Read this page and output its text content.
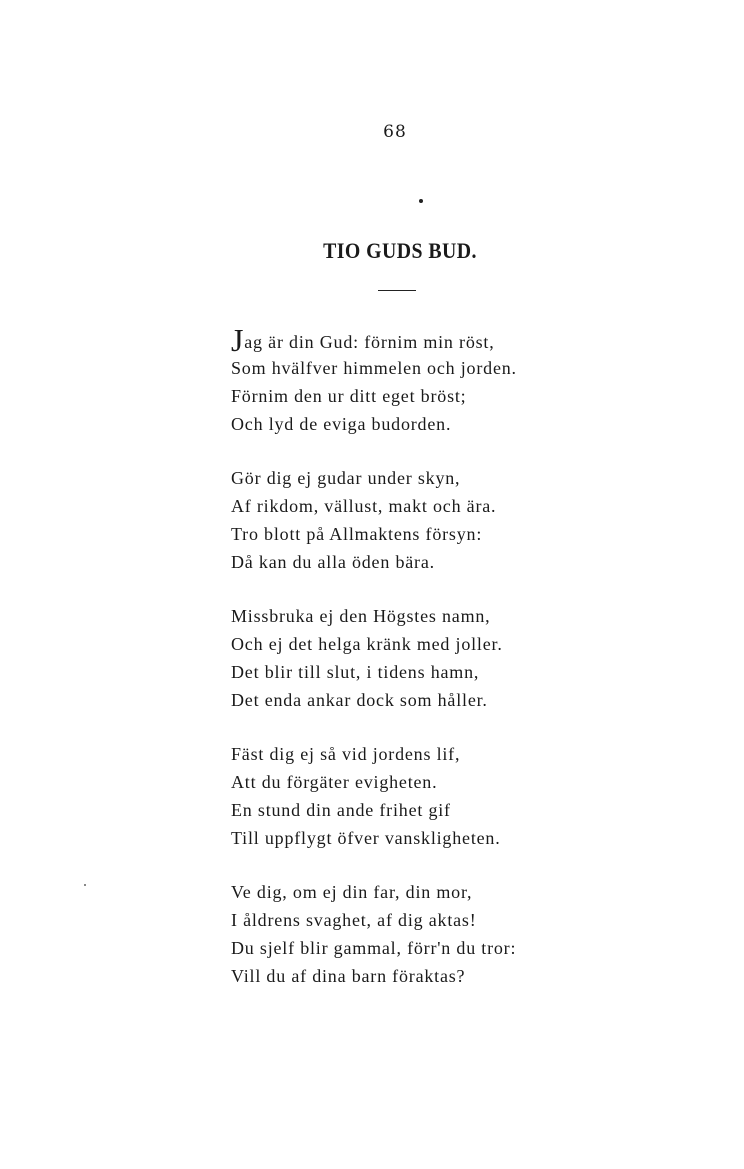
68
TIO GUDS BUD.
Jag är din Gud: förnim min röst,
Som hvälfver himmelen och jorden.
Förnim den ur ditt eget bröst;
Och lyd de eviga budorden.
Gör dig ej gudar under skyn,
Af rikdom, vällust, makt och ära.
Tro blott på Allmaktens försyn:
Då kan du alla öden bära.
Missbruka ej den Högstes namn,
Och ej det helga kränk med joller.
Det blir till slut, i tidens hamn,
Det enda ankar dock som håller.
Fäst dig ej så vid jordens lif,
Att du förgäter evigheten.
En stund din ande frihet gif
Till uppflygt öfver vanskligheten.
Ve dig, om ej din far, din mor,
I åldrens svaghet, af dig aktas!
Du sjelf blir gammal, förr'n du tror:
Vill du af dina barn föraktas?
